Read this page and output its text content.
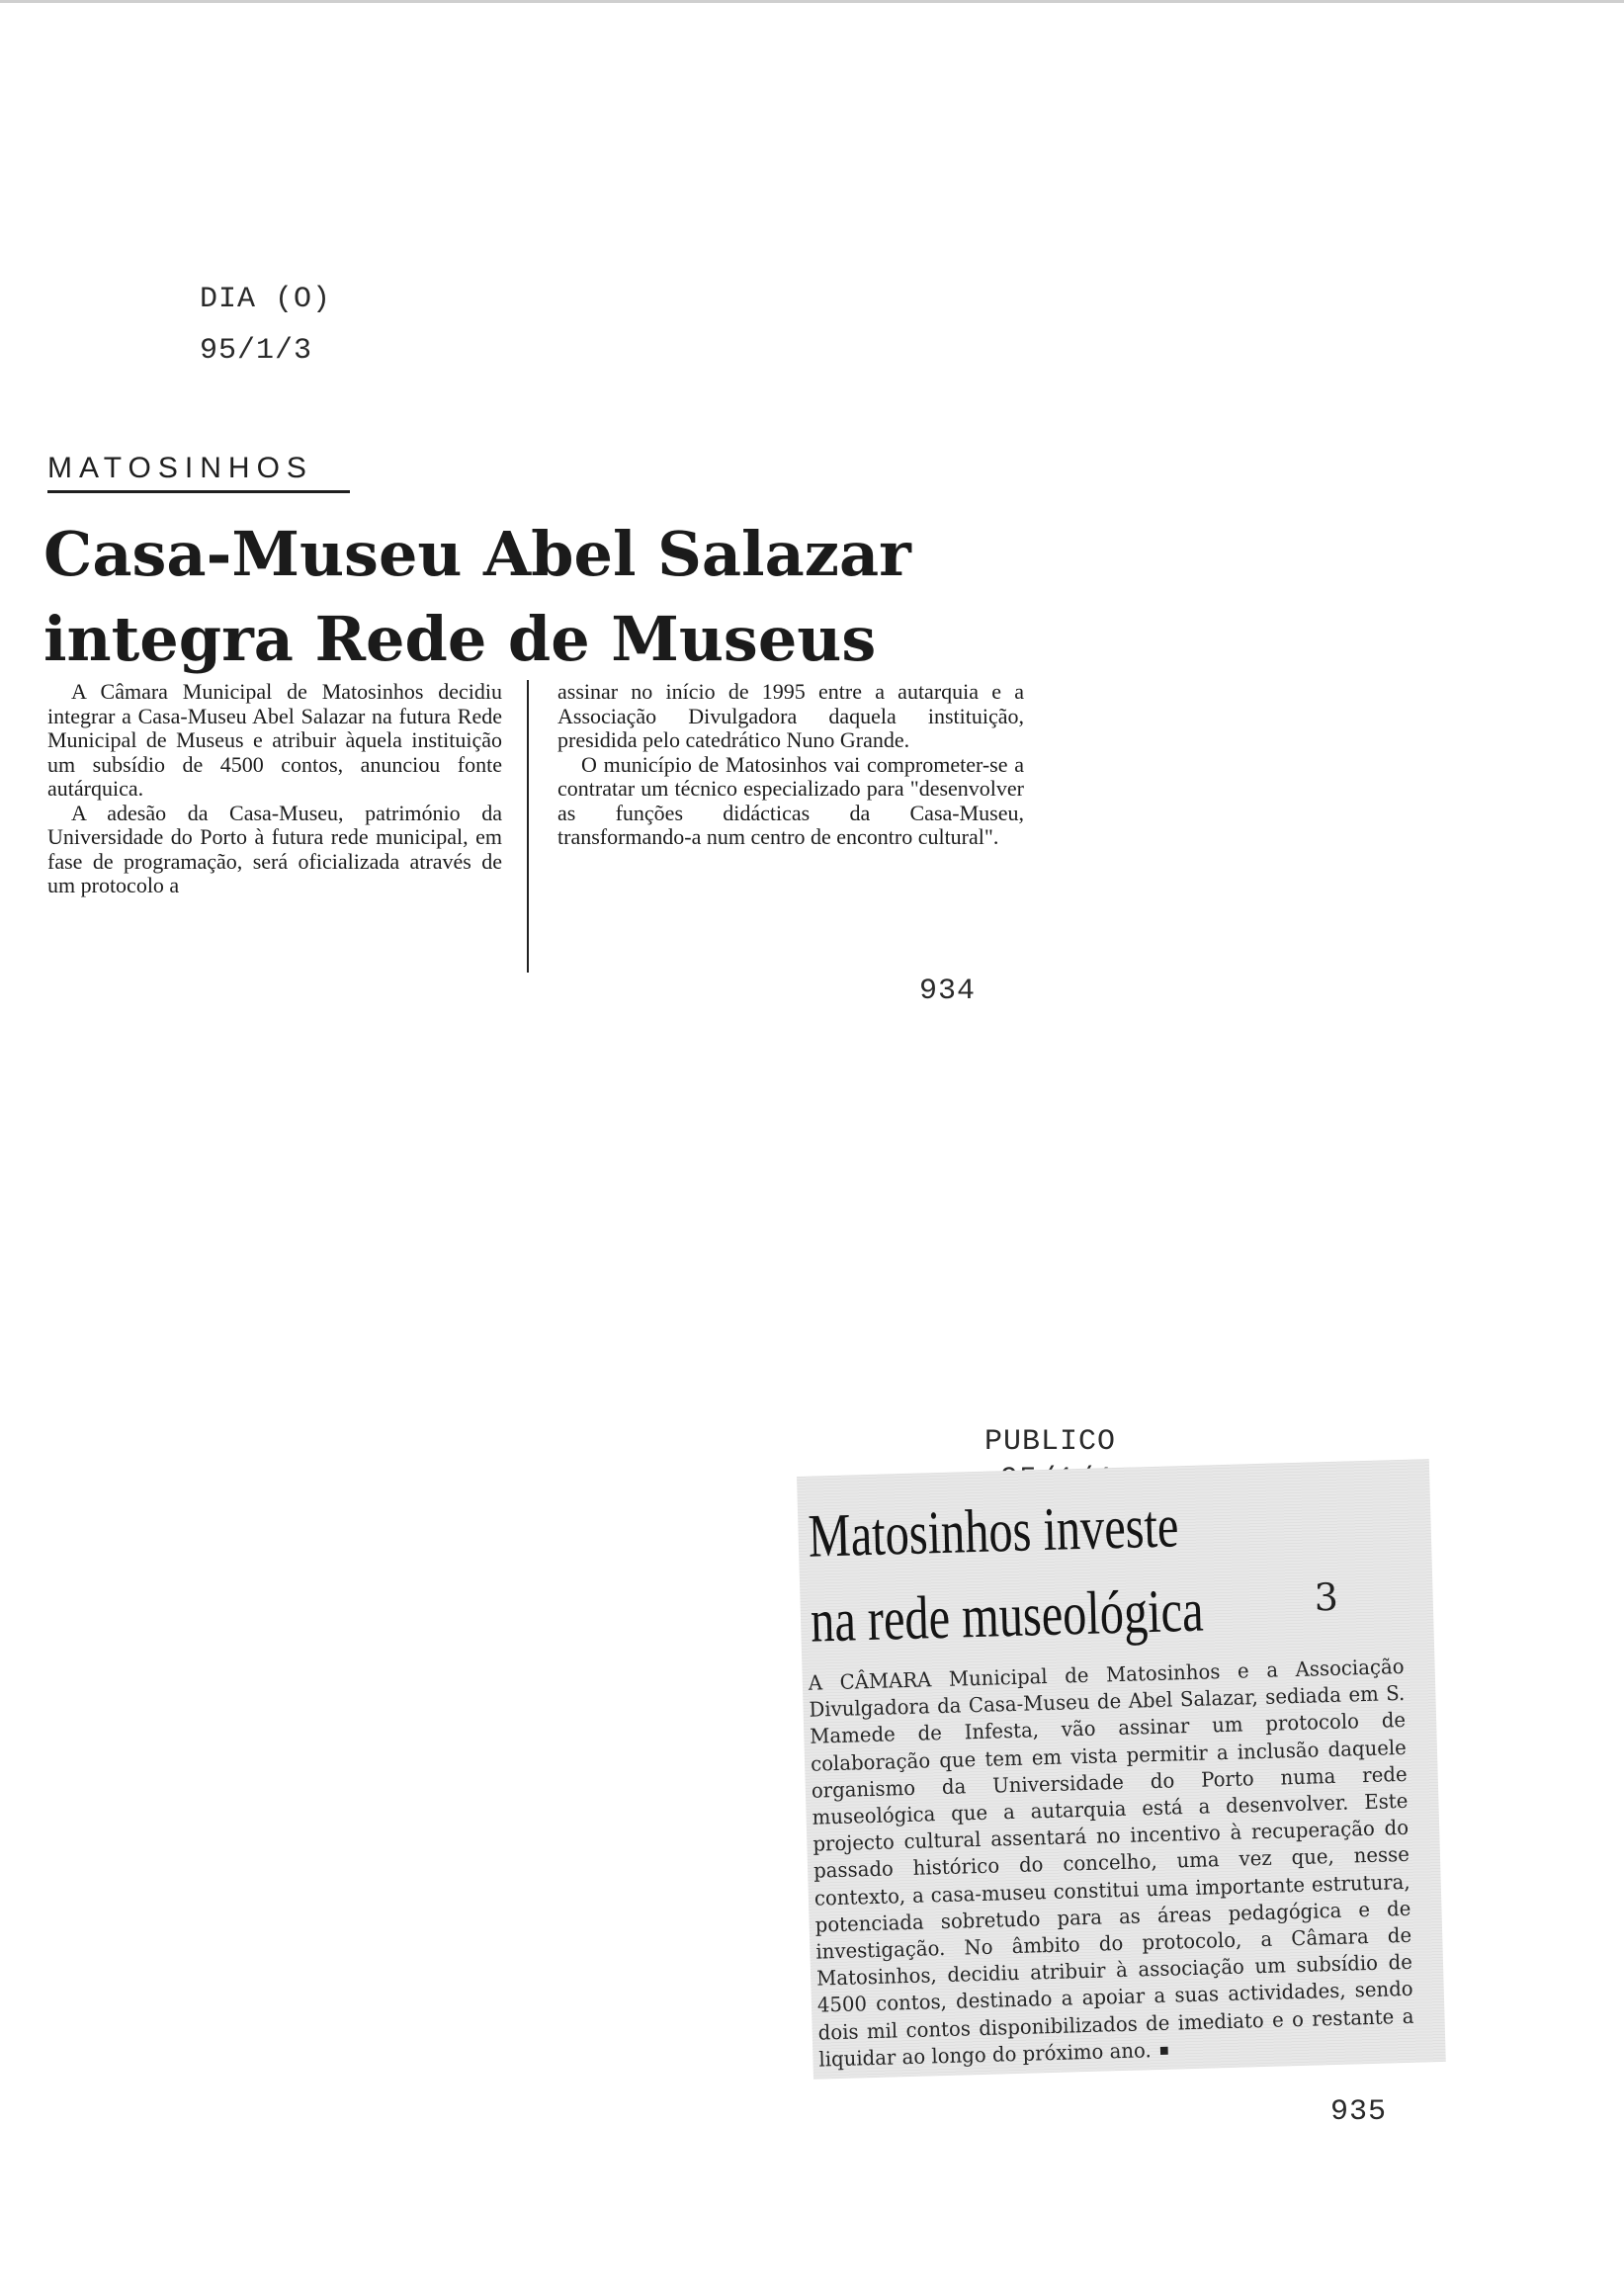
DIA (O)
95/1/3
MATOSINHOS
Casa-Museu Abel Salazar
integra Rede de Museus

A Câmara Municipal de Matosinhos decidiu integrar a Casa-Museu Abel Salazar na futura Rede Municipal de Museus e atribuir àquela instituição um subsídio de 4500 contos, anunciou fonte autárquica.

A adesão da Casa-Museu, património da Universidade do Porto à futura rede municipal, em fase de programação, será oficializada através de um protocolo a

assinar no início de 1995 entre a autarquia e a Associação Divulgadora daquela instituição, presidida pelo catedrático Nuno Grande.

O município de Matosinhos vai comprometer-se a contratar um técnico especializado para "desenvolver as funções didácticas da Casa-Museu, transformando-a num centro de encontro cultural".

934
PUBLICO
Matosinhos investe
na rede museológica	3

A CÂMARA Municipal de Matosinhos e a Associação Divulgadora da Casa-Museu de Abel Salazar, sediada em S. Mamede de Infesta, vão assinar um protocolo de colaboração que tem em vista permitir a inclusão daquele organismo da Universidade do Porto numa rede museológica que a autarquia está a desenvolver. Este projecto cultural assentará no incentivo à recuperação do passado histórico do concelho, uma vez que, nesse contexto, a casa-museu constitui uma importante estrutura, potenciada sobretudo para as áreas pedagógica e de investigação. No âmbito do protocolo, a Câmara de Matosinhos, decidiu atribuir à associação um subsídio de 4500 contos, destinado a apoiar a suas actividades, sendo dois mil contos disponibilizados de imediato e o restante a liquidar ao longo do próximo ano.

935
